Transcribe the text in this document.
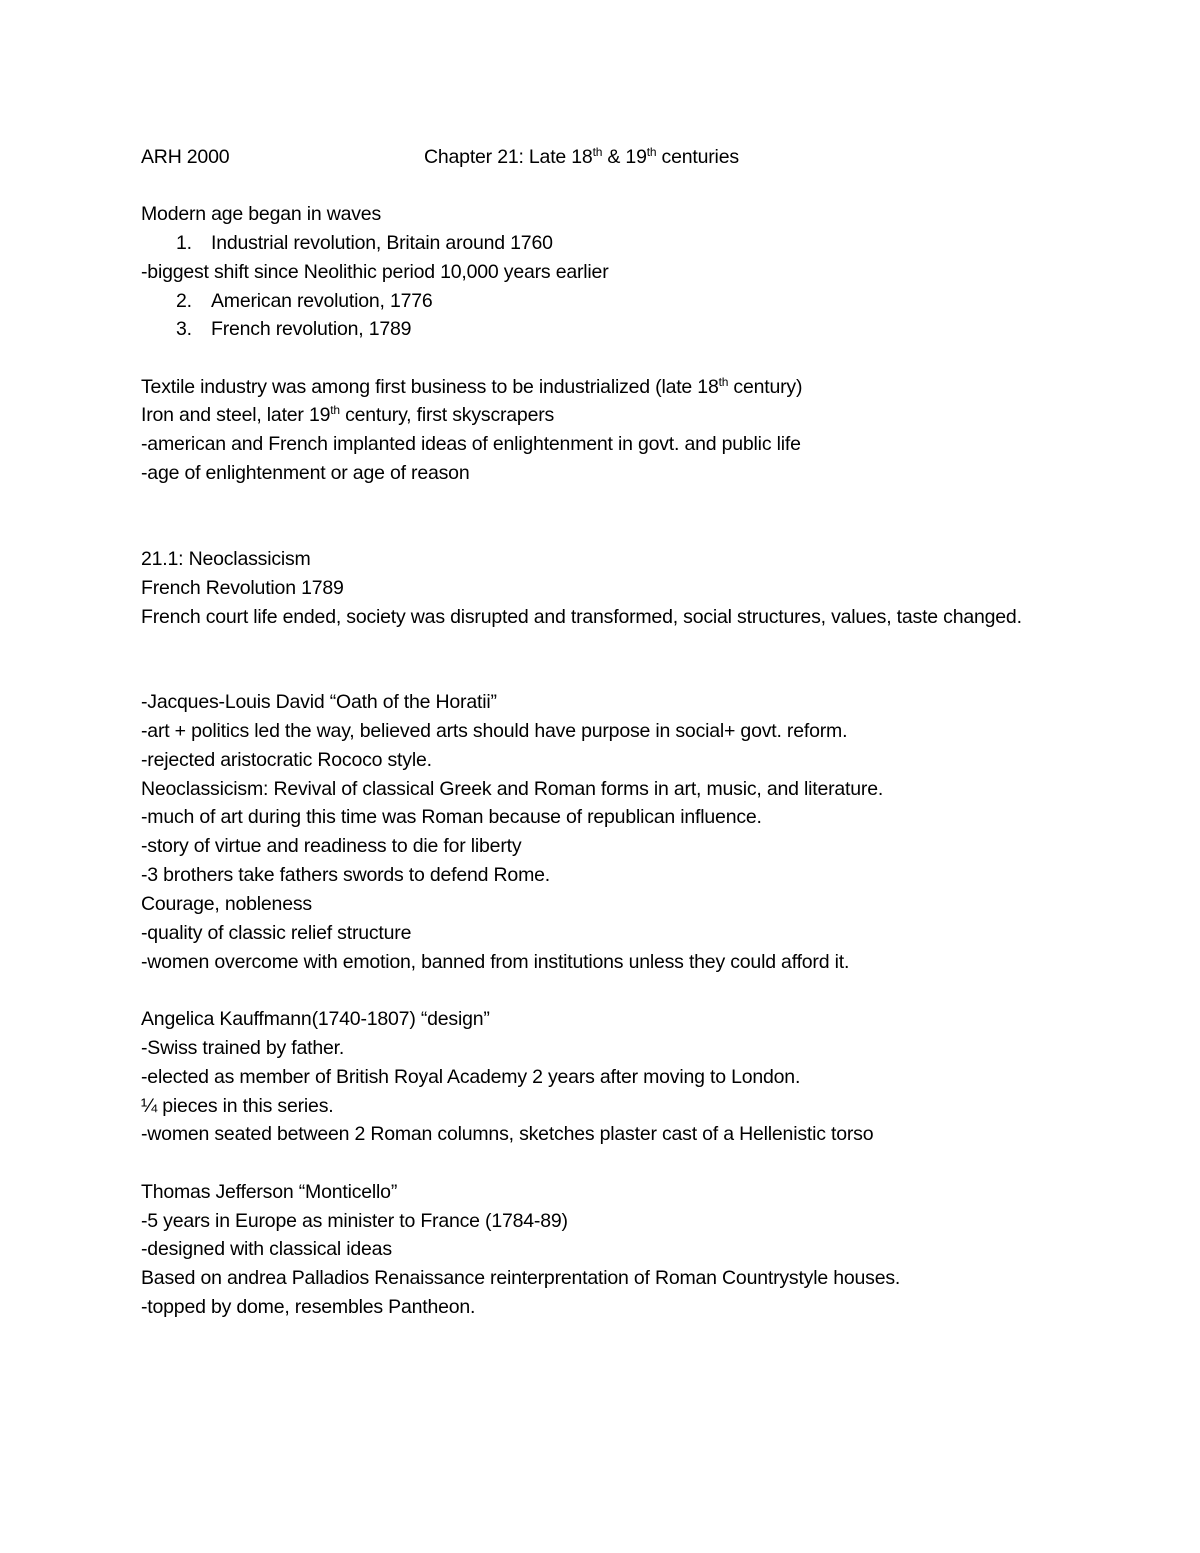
ARH 2000	Chapter 21: Late 18th & 19th centuries
Modern age began in waves
1. Industrial revolution, Britain around 1760
-biggest shift since Neolithic period 10,000 years earlier
2. American revolution, 1776
3. French revolution, 1789
Textile industry was among first business to be industrialized (late 18th century)
Iron and steel, later 19th century, first skyscrapers
-american and French implanted ideas of enlightenment in govt. and public life
-age of enlightenment or age of reason
21.1: Neoclassicism
French Revolution 1789
French court life ended, society was disrupted and transformed, social structures, values, taste changed.
-Jacques-Louis David “Oath of the Horatii”
-art + politics led the way, believed arts should have purpose in social+ govt. reform.
-rejected aristocratic Rococo style.
Neoclassicism: Revival of classical Greek and Roman forms in art, music, and literature.
-much of art during this time was Roman because of republican influence.
-story of virtue and readiness to die for liberty
-3 brothers take fathers swords to defend Rome.
Courage, nobleness
-quality of classic relief structure
-women overcome with emotion, banned from institutions unless they could afford it.
Angelica Kauffmann(1740-1807) “design”
-Swiss trained by father.
-elected as member of British Royal Academy 2 years after moving to London.
¼ pieces in this series.
-women seated between 2 Roman columns, sketches plaster cast of a Hellenistic torso
Thomas Jefferson “Monticello”
-5 years in Europe as minister to France (1784-89)
-designed with classical ideas
Based on andrea Palladios Renaissance reinterprentation of Roman Countrystyle houses.
-topped by dome, resembles Pantheon.
